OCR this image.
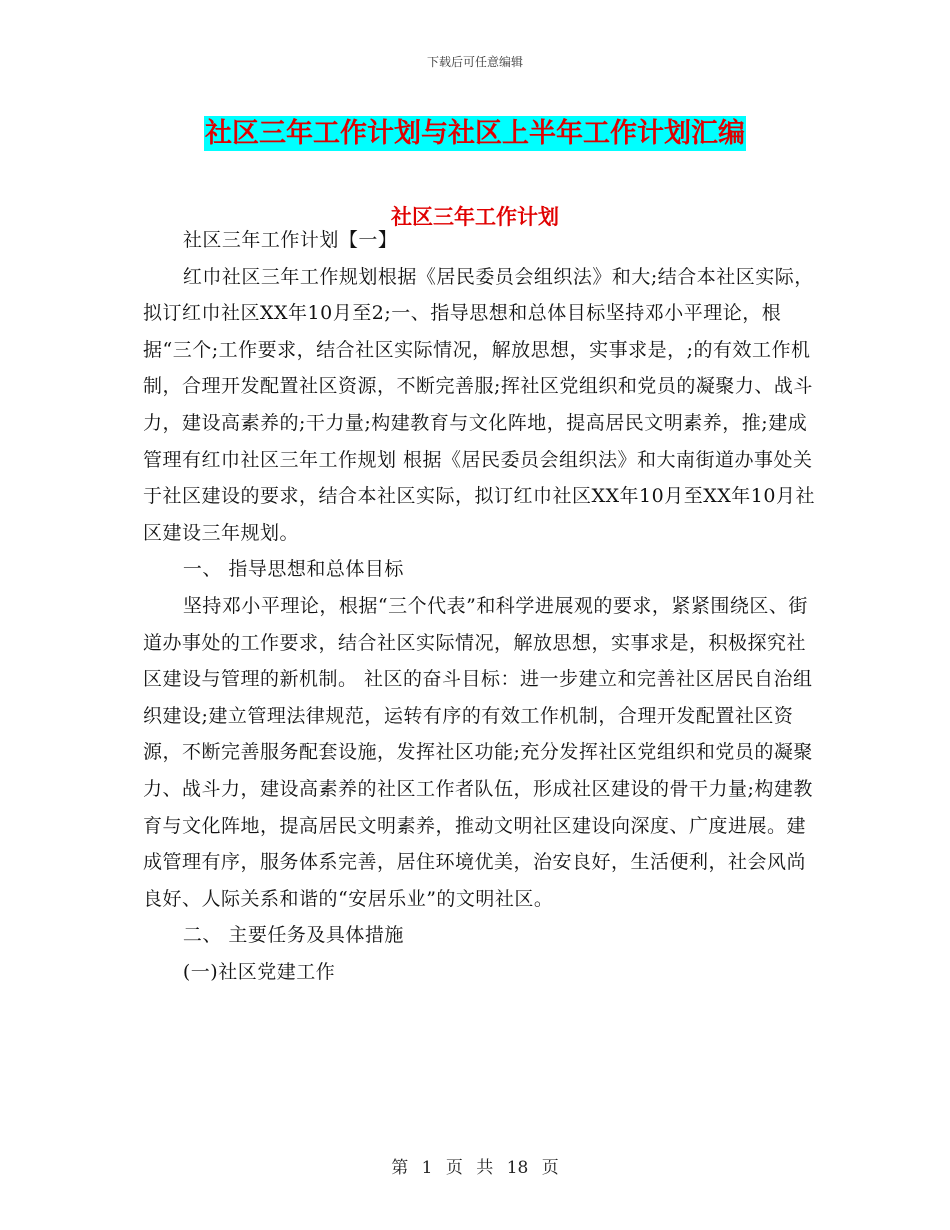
下载后可任意编辑
社区三年工作计划与社区上半年工作计划汇编
社区三年工作计划

社区三年工作计划【一】

红巾社区三年工作规划根据《居民委员会组织法》和大;结合本社区实际，拟订红巾社区XX年10月至2;一、指导思想和总体目标坚持邓小平理论，根据“三个;工作要求，结合社区实际情况，解放思想，实事求是，;的有效工作机制，合理开发配置社区资源，不断完善服;挥社区党组织和党员的凝聚力、战斗力，建设高素养的;干力量;构建教育与文化阵地，提高居民文明素养，推;建成管理有红巾社区三年工作规划 根据《居民委员会组织法》和大南街道办事处关于社区建设的要求，结合本社区实际，拟订红巾社区XX年10月至XX年10月社区建设三年规划。

一、 指导思想和总体目标

坚持邓小平理论，根据“三个代表”和科学进展观的要求，紧紧围绕区、街道办事处的工作要求，结合社区实际情况，解放思想，实事求是，积极探究社区建设与管理的新机制。 社区的奋斗目标：进一步建立和完善社区居民自治组织建设;建立管理法律规范，运转有序的有效工作机制，合理开发配置社区资源，不断完善服务配套设施，发挥社区功能;充分发挥社区党组织和党员的凝聚力、战斗力，建设高素养的社区工作者队伍，形成社区建设的骨干力量;构建教育与文化阵地，提高居民文明素养，推动文明社区建设向深度、广度进展。建成管理有序，服务体系完善，居住环境优美，治安良好，生活便利，社会风尚良好、人际关系和谐的“安居乐业”的文明社区。

二、 主要任务及具体措施

(一)社区党建工作

第 1 页 共 18 页
